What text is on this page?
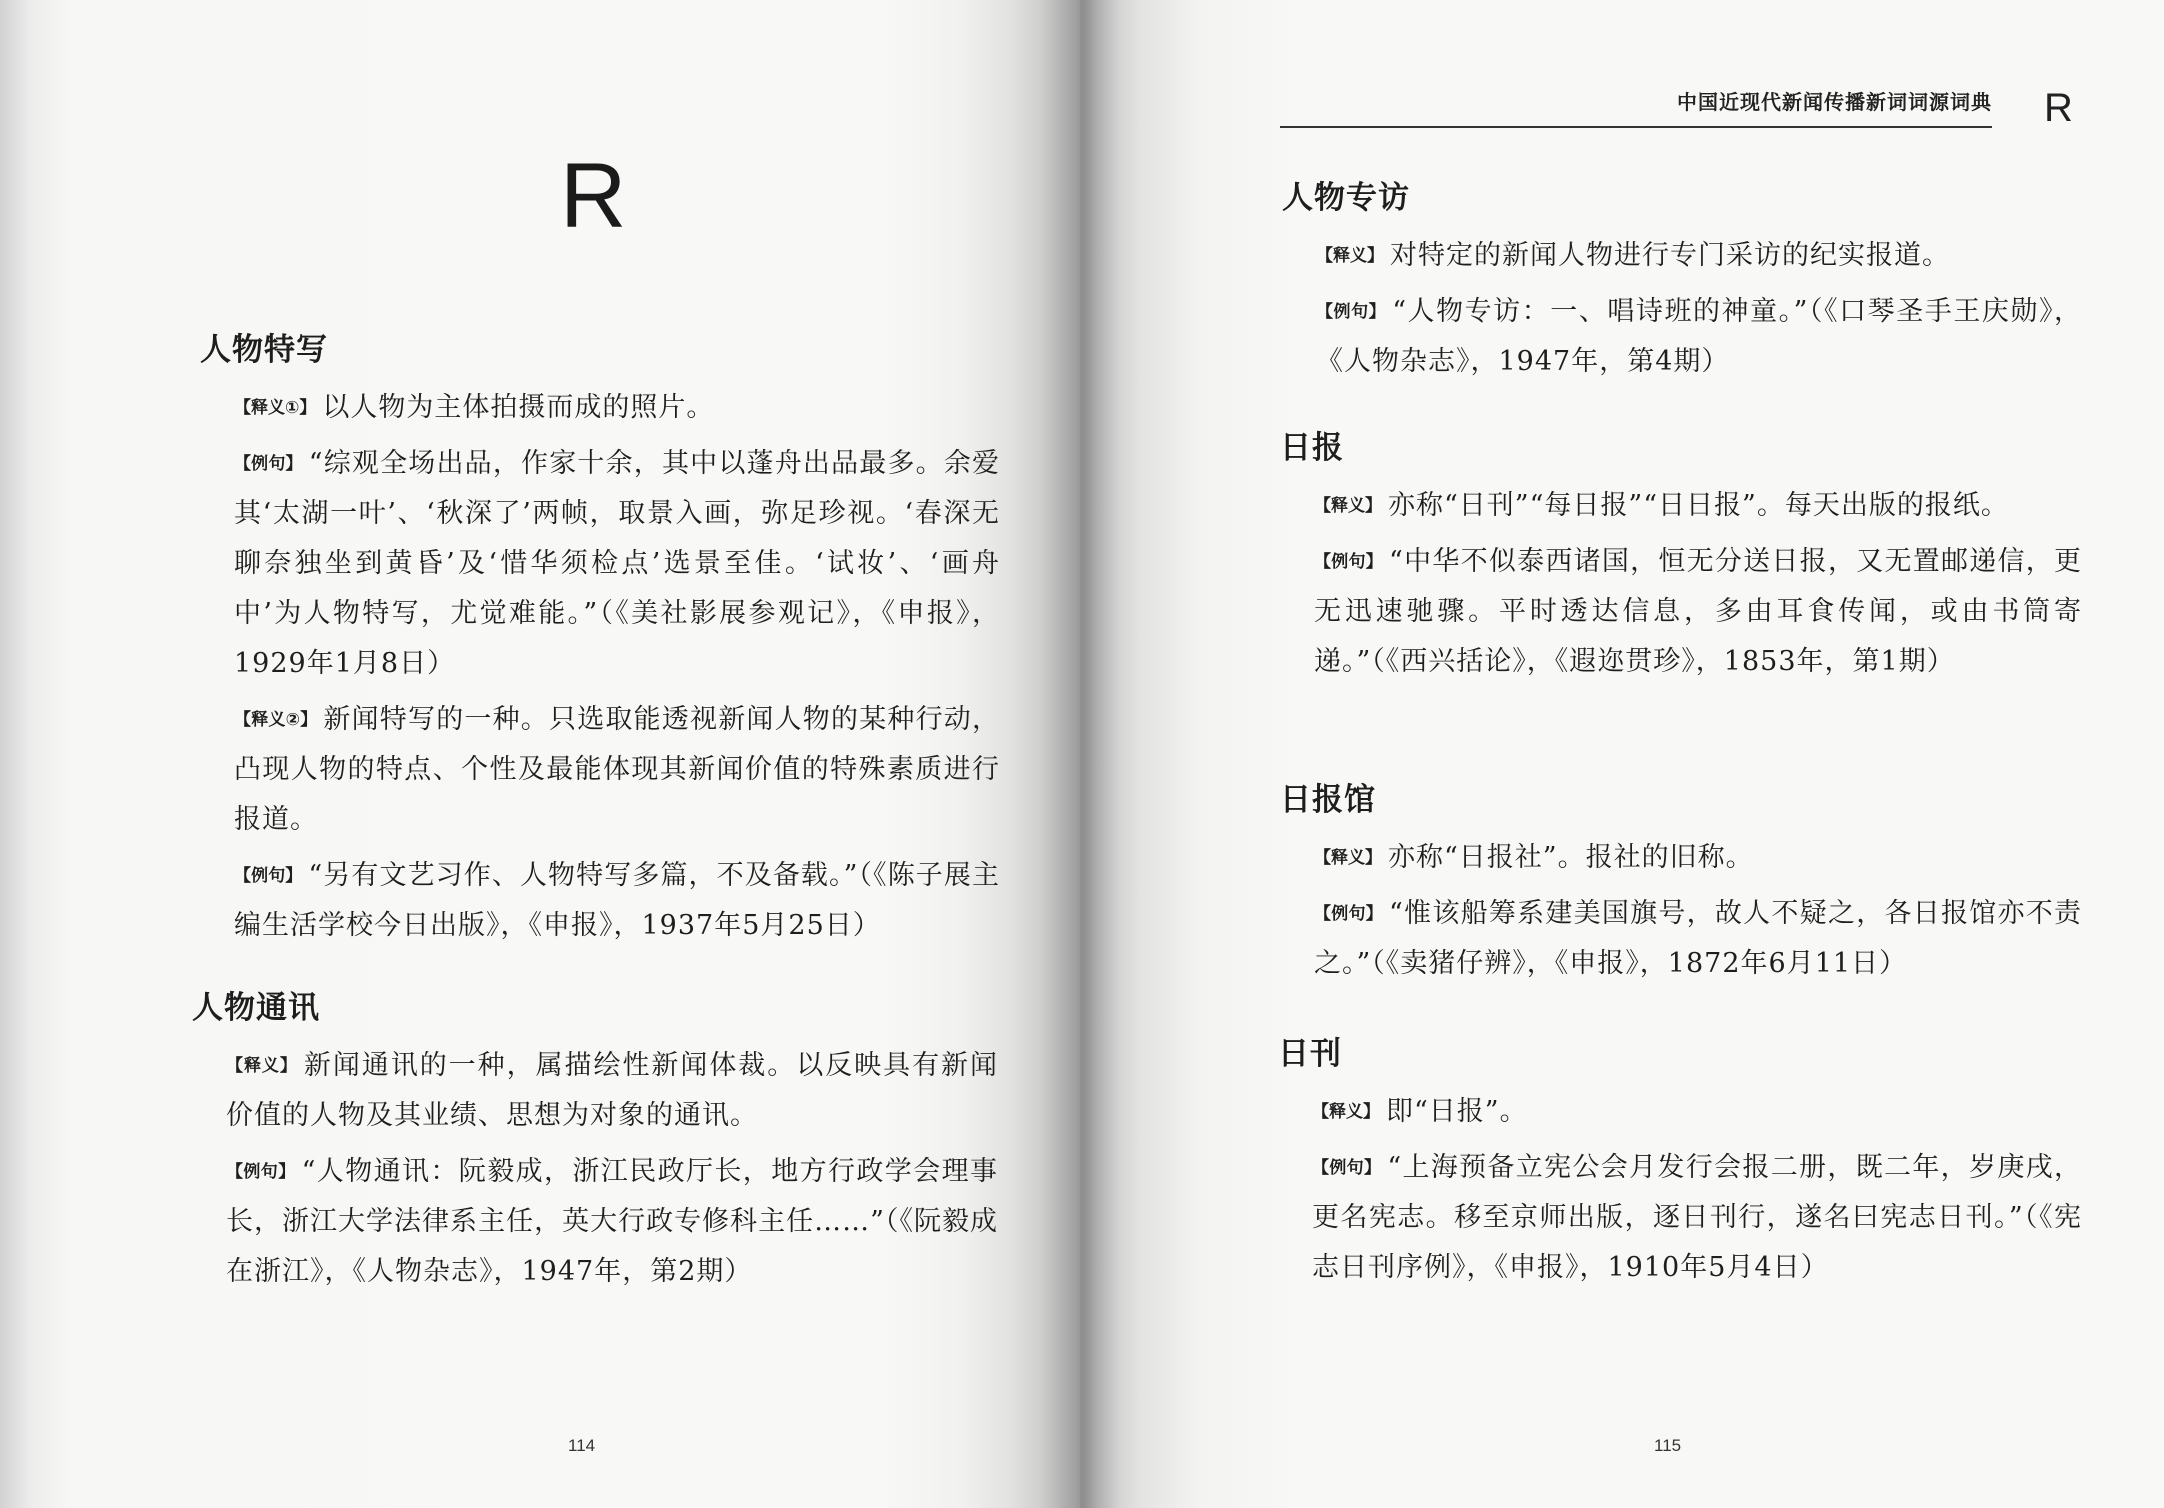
R
人物特写

【释义①】 以人物为主体拍摄而成的照片。

【例句】 “综观全场出品，作家十余，其中以蓬舟出品最多。余爱其‘太湖一叶’、‘秋深了’两帧，取景入画，弥足珍视。‘春深无聊奈独坐到黄昏’及‘惜华须检点’选景至佳。‘试妆’、‘画舟中’为人物特写，尤觉难能。”（《美社影展参观记》，《申报》，1929年1月8日）

【释义②】 新闻特写的一种。只选取能透视新闻人物的某种行动，凸现人物的特点、个性及最能体现其新闻价值的特殊素质进行报道。

【例句】 “另有文艺习作、人物特写多篇，不及备载。”（《陈子展主编生活学校今日出版》，《申报》，1937年5月25日）

人物通讯

【释义】 新闻通讯的一种，属描绘性新闻体裁。以反映具有新闻价值的人物及其业绩、思想为对象的通讯。

【例句】 “人物通讯：阮毅成，浙江民政厅长，地方行政学会理事长，浙江大学法律系主任，英大行政专修科主任……”（《阮毅成在浙江》，《人物杂志》，1947年，第2期）

114
中国近现代新闻传播新词词源词典 R
人物专访

【释义】 对特定的新闻人物进行专门采访的纪实报道。

【例句】 “人物专访：一、唱诗班的神童。”（《口琴圣手王庆勋》，《人物杂志》，1947年，第4期）

日报

【释义】 亦称“日刊”“每日报”“日日报”。每天出版的报纸。

【例句】 “中华不似泰西诸国，恒无分送日报，又无置邮递信，更无迅速驰骤。平时透达信息，多由耳食传闻，或由书筒寄递。”（《西兴括论》，《遐迩贯珍》，1853年，第1期）

日报馆

【释义】 亦称“日报社”。报社的旧称。

【例句】 “惟该船筹系建美国旗号，故人不疑之，各日报馆亦不责之。”（《卖猪仔辨》，《申报》，1872年6月11日）

日刊

【释义】 即“日报”。

【例句】 “上海预备立宪公会月发行会报二册，既二年，岁庚戌，更名宪志。移至京师出版，逐日刊行，遂名曰宪志日刊。”（《宪志日刊序例》，《申报》，1910年5月4日）

115
